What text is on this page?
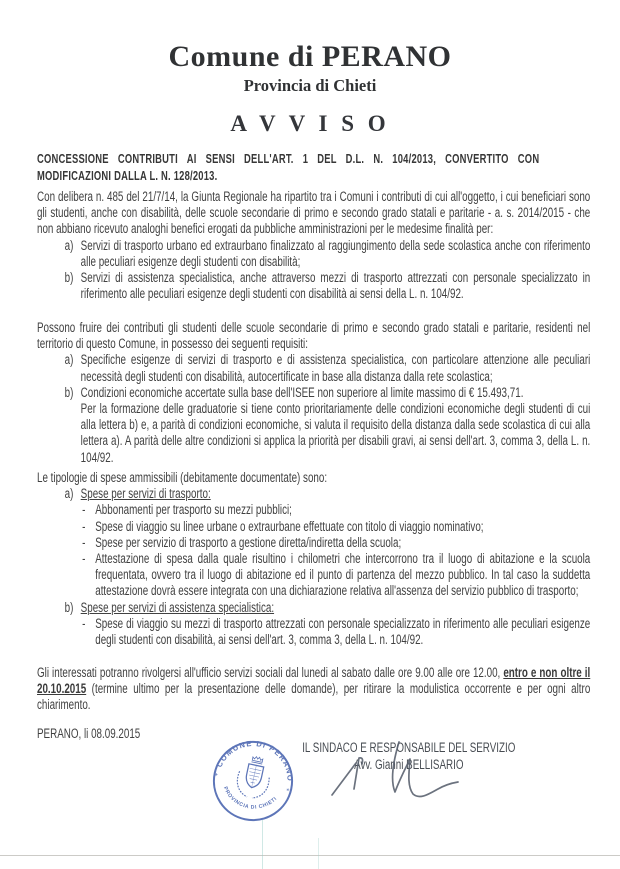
Comune di PERANO
Provincia di Chieti
A V V I S O
CONCESSIONE CONTRIBUTI AI SENSI DELL'ART. 1 DEL D.L. N. 104/2013, CONVERTITO CON MODIFICAZIONI DALLA L. N. 128/2013.

Con delibera n. 485 del 21/7/14, la Giunta Regionale ha ripartito tra i Comuni i contributi di cui all'oggetto, i cui beneficiari sono gli studenti, anche con disabilità, delle scuole secondarie di primo e secondo grado statali e paritarie - a. s. 2014/2015 - che non abbiano ricevuto analoghi benefici erogati da pubbliche amministrazioni per le medesime finalità per:

a) Servizi di trasporto urbano ed extraurbano finalizzato al raggiungimento della sede scolastica anche con riferimento alle peculiari esigenze degli studenti con disabilità;
b) Servizi di assistenza specialistica, anche attraverso mezzi di trasporto attrezzati con personale specializzato in riferimento alle peculiari esigenze degli studenti con disabilità ai sensi della L. n. 104/92.

Possono fruire dei contributi gli studenti delle scuole secondarie di primo e secondo grado statali e paritarie, residenti nel territorio di questo Comune, in possesso dei seguenti requisiti:

a) Specifiche esigenze di servizi di trasporto e di assistenza specialistica, con particolare attenzione alle peculiari necessità degli studenti con disabilità, autocertificate in base alla distanza dalla rete scolastica;
b) Condizioni economiche accertate sulla base dell'ISEE non superiore al limite massimo di € 15.493,71.

Per la formazione delle graduatorie si tiene conto prioritariamente delle condizioni economiche degli studenti di cui alla lettera b) e, a parità di condizioni economiche, si valuta il requisito della distanza dalla sede scolastica di cui alla lettera a). A parità delle altre condizioni si applica la priorità per disabili gravi, ai sensi dell'art. 3, comma 3, della L. n. 104/92.

Le tipologie di spese ammissibili (debitamente documentate) sono:

a) Spese per servizi di trasporto:
- Abbonamenti per trasporto su mezzi pubblici;
- Spese di viaggio su linee urbane o extraurbane effettuate con titolo di viaggio nominativo;
- Spese per servizio di trasporto a gestione diretta/indiretta della scuola;
- Attestazione di spesa dalla quale risultino i chilometri che intercorrono tra il luogo di abitazione e la scuola frequentata, ovvero tra il luogo di abitazione ed il punto di partenza del mezzo pubblico. In tal caso la suddetta attestazione dovrà essere integrata con una dichiarazione relativa all'assenza del servizio pubblico di trasporto;
b) Spese per servizi di assistenza specialistica:
- Spese di viaggio su mezzi di trasporto attrezzati con personale specializzato in riferimento alle peculiari esigenze degli studenti con disabilità, ai sensi dell'art. 3, comma 3, della L. n. 104/92.

Gli interessati potranno rivolgersi all'ufficio servizi sociali dal lunedi al sabato dalle ore 9.00 alle ore 12.00, entro e non oltre il 20.10.2015 (termine ultimo per la presentazione delle domande), per ritirare la modulistica occorrente e per ogni altro chiarimento.

PERANO, li 08.09.2015
IL SINDACO E RESPONSABILE DEL SERVIZIO
Avv. Gianni BELLISARIO
COMUNE DI PERANO
PROVINCIA DI CHIETI
*
*
